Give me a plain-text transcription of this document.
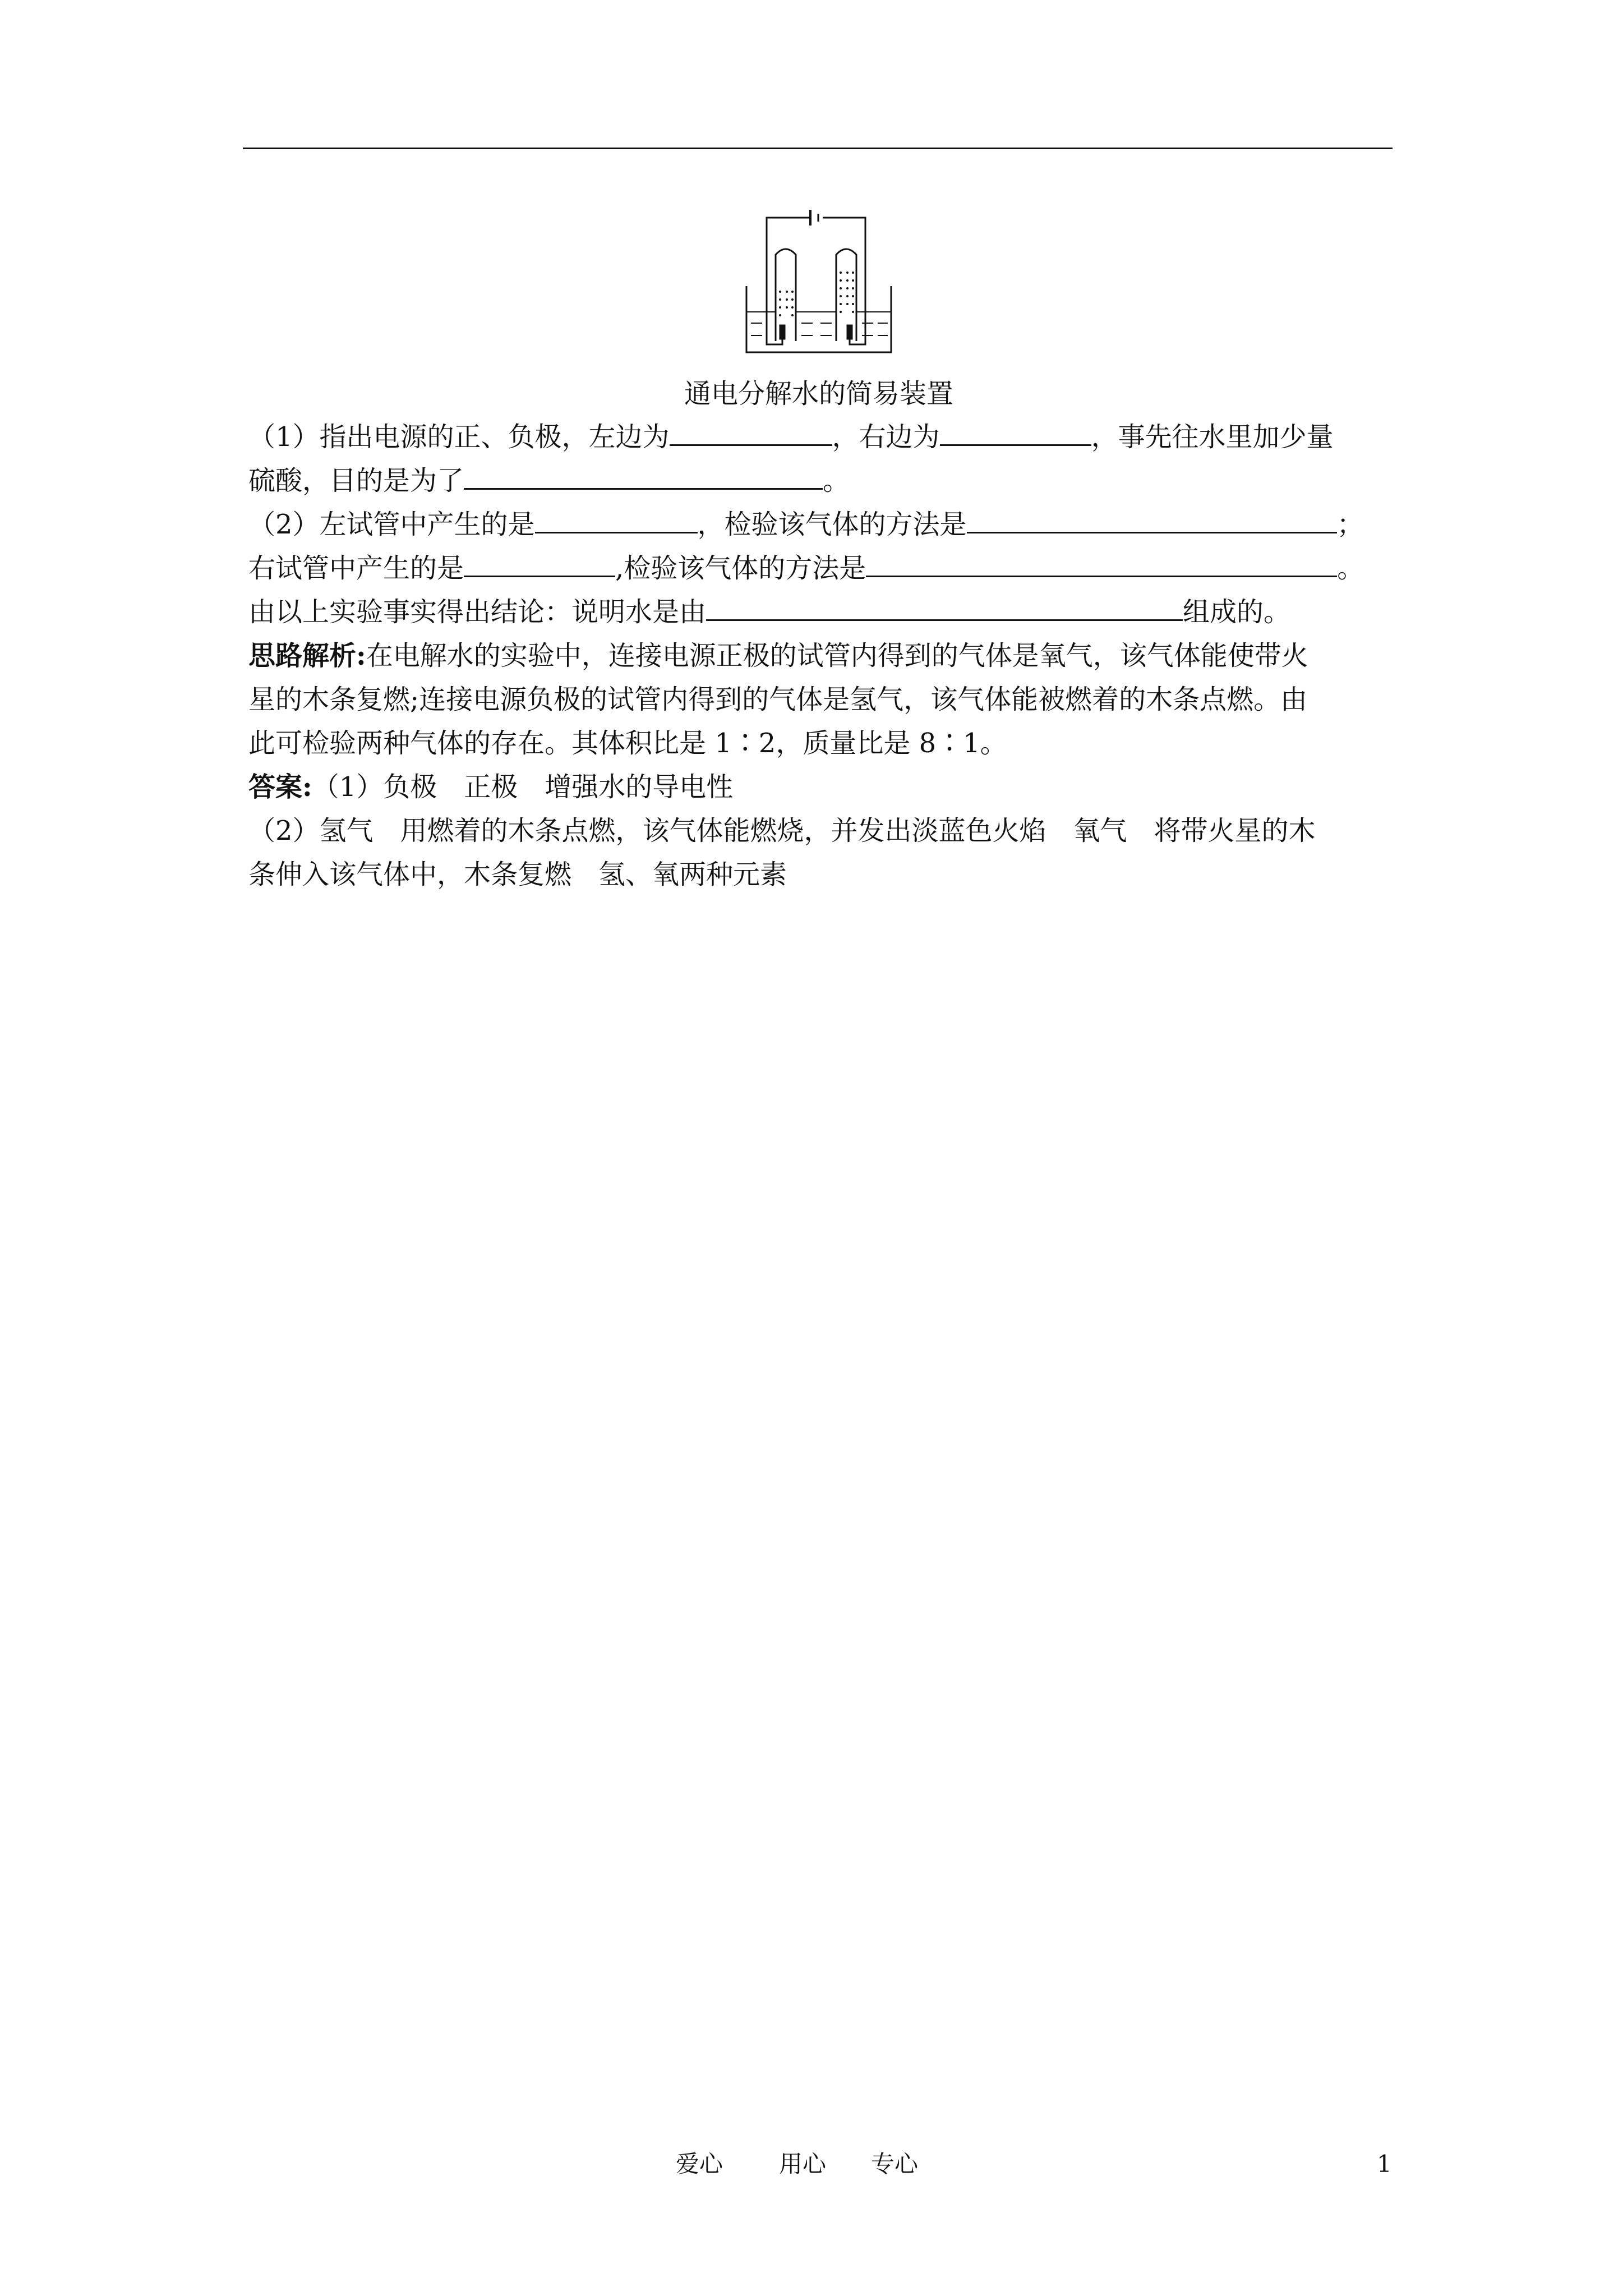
通电分解水的简易装置
（1）指出电源的正、负极，左边为	，右边为	，事先往水里加少量
硫酸，目的是为了	。
（2）左试管中产生的是	，检验该气体的方法是	；
右试管中产生的是	,检验该气体的方法是	。
由以上实验事实得出结论：说明水是由	组成的。
思路解析:在电解水的实验中，连接电源正极的试管内得到的气体是氧气，该气体能使带火
星的木条复燃;连接电源负极的试管内得到的气体是氢气，该气体能被燃着的木条点燃。由
此可检验两种气体的存在。其体积比是 1∶2，质量比是 8∶1。
答案:（1）负极　正极　增强水的导电性
（2）氢气　用燃着的木条点燃，该气体能燃烧，并发出淡蓝色火焰　氧气　将带火星的木
条伸入该气体中，木条复燃　氢、氧两种元素
爱心 用心 专心	1
